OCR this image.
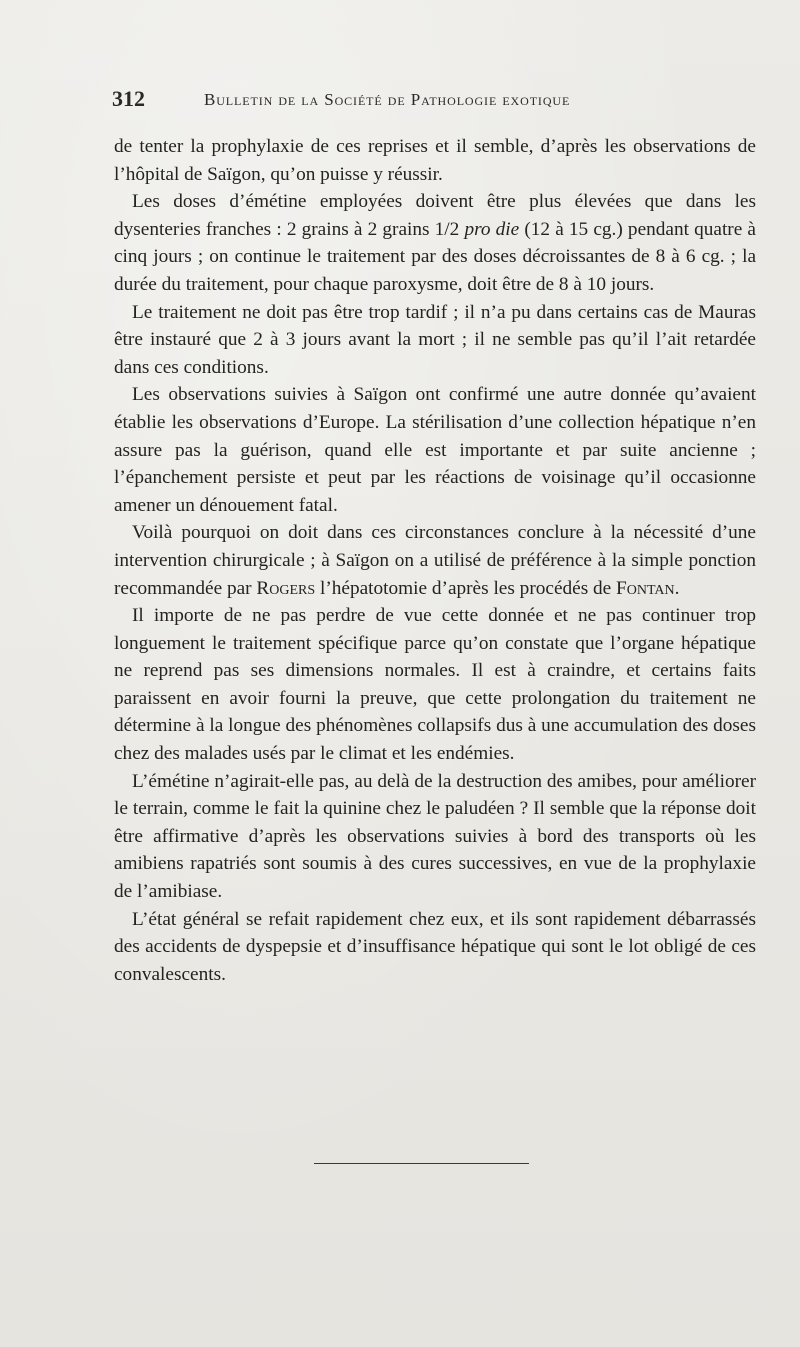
312	Bulletin de la Société de Pathologie exotique

de tenter la prophylaxie de ces reprises et il semble, d’après les observations de l’hôpital de Saïgon, qu’on puisse y réussir.

Les doses d’émétine employées doivent être plus élevées que dans les dysenteries franches : 2 grains à 2 grains 1/2 pro die (12 à 15 cg.) pendant quatre à cinq jours ; on continue le traitement par des doses décroissantes de 8 à 6 cg. ; la durée du traitement, pour chaque paroxysme, doit être de 8 à 10 jours.

Le traitement ne doit pas être trop tardif ; il n’a pu dans certains cas de Mauras être instauré que 2 à 3 jours avant la mort ; il ne semble pas qu’il l’ait retardée dans ces conditions.

Les observations suivies à Saïgon ont confirmé une autre donnée qu’avaient établie les observations d’Europe. La stérilisation d’une collection hépatique n’en assure pas la guérison, quand elle est importante et par suite ancienne ; l’épanchement persiste et peut par les réactions de voisinage qu’il occasionne amener un dénouement fatal.

Voilà pourquoi on doit dans ces circonstances conclure à la nécessité d’une intervention chirurgicale ; à Saïgon on a utilisé de préférence à la simple ponction recommandée par Rogers l’hépatotomie d’après les procédés de Fontan.

Il importe de ne pas perdre de vue cette donnée et ne pas continuer trop longuement le traitement spécifique parce qu’on constate que l’organe hépatique ne reprend pas ses dimensions normales. Il est à craindre, et certains faits paraissent en avoir fourni la preuve, que cette prolongation du traitement ne détermine à la longue des phénomènes collapsifs dus à une accumulation des doses chez des malades usés par le climat et les endémies.

L’émétine n’agirait-elle pas, au delà de la destruction des amibes, pour améliorer le terrain, comme le fait la quinine chez le paludéen ? Il semble que la réponse doit être affirmative d’après les observations suivies à bord des transports où les amibiens rapatriés sont soumis à des cures successives, en vue de la prophylaxie de l’amibiase.

L’état général se refait rapidement chez eux, et ils sont rapidement débarrassés des accidents de dyspepsie et d’insuffisance hépatique qui sont le lot obligé de ces convalescents.
